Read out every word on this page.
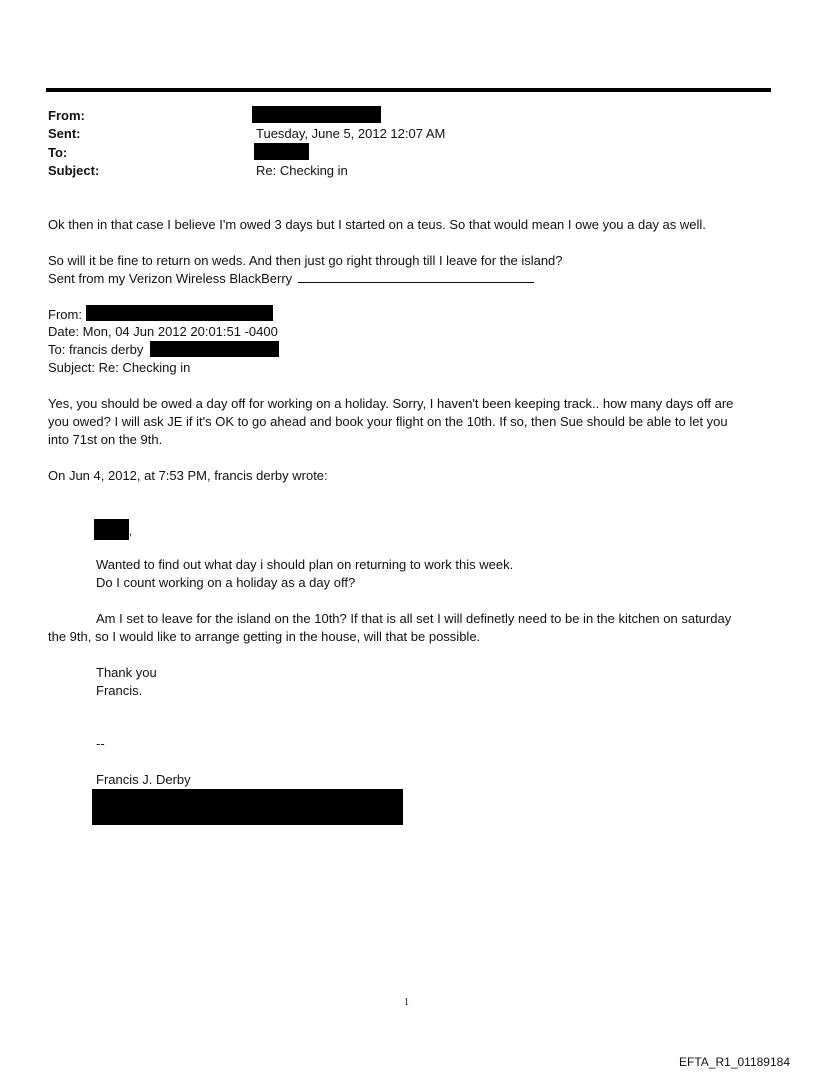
From:
Sent:	Tuesday, June 5, 2012 12:07 AM
To:
Subject:	Re: Checking in
Ok then in that case I believe I'm owed 3 days but I started on a teus. So that would mean I owe you a day as well.
So will it be fine to return on weds. And then just go right through till I leave for the island?
Sent from my Verizon Wireless BlackBerry
From:
Date: Mon, 04 Jun 2012 20:01:51 -0400
To: francis derby
Subject: Re: Checking in
Yes, you should be owed a day off for working on a holiday. Sorry, I haven't been keeping track.. how many days off are
you owed? I will ask JE if it's OK to go ahead and book your flight on the 10th. If so, then Sue should be able to let you
into 71st on the 9th.
On Jun 4, 2012, at 7:53 PM, francis derby wrote:
,
Wanted to find out what day i should plan on returning to work this week.
Do I count working on a holiday as a day off?
Am I set to leave for the island on the 10th? If that is all set I will definetly need to be in the kitchen on saturday
the 9th, so I would like to arrange getting in the house, will that be possible.
Thank you
Francis.
--
Francis J. Derby
1
EFTA_R1_01189184
